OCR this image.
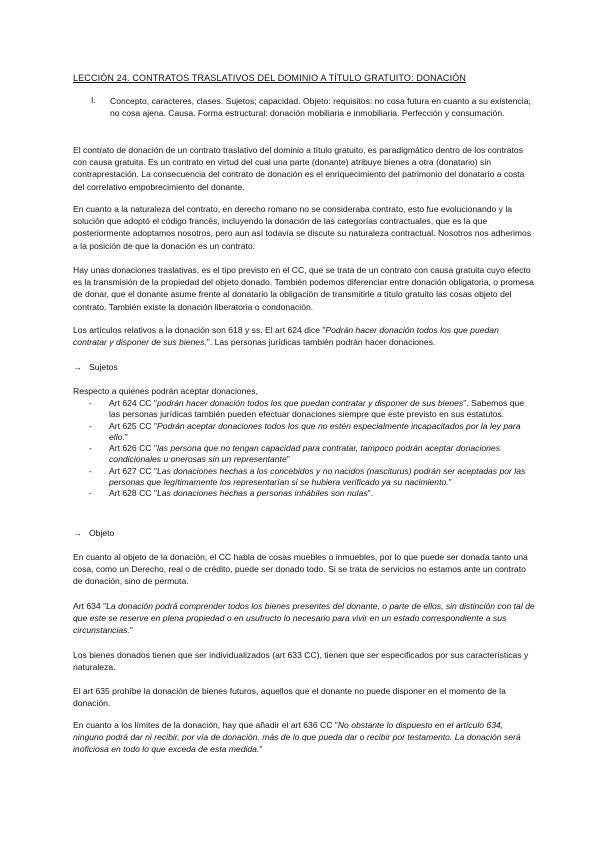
LECCIÓN 24. CONTRATOS TRASLATIVOS DEL DOMINIO A TÍTULO GRATUITO: DONACIÓN

I. Concepto, caracteres, clases. Sujetos; capacidad. Objeto: requisitos: no cosa futura en cuanto a su existencia; no cosa ajena. Causa. Forma estructural: donación mobiliaria e inmobiliaria. Perfección y consumación.

El contrato de donación de un contrato traslativo del dominio a título gratuito, es paradigmático dentro de los contratos con causa gratuita. Es un contrato en virtud del cual una parte (donante) atribuye bienes a otra (donatario) sin contraprestación. La consecuencia del contrato de donación es el enriquecimiento del patrimonio del donatario a costa del correlativo empobrecimiento del donante.

En cuanto a la naturaleza del contrato, en derecho romano no se consideraba contrato, esto fue evolucionando y la solución que adoptó el código francés, incluyendo la donación de las categorías contractuales, que es la que posteriormente adoptamos nosotros, pero aun así todavía se discute su naturaleza contractual. Nosotros nos adherimos a la posición de que la donación es un contrato.

Hay unas donaciones traslativas, es el tipo previsto en el CC, que se trata de un contrato con causa gratuita cuyo efecto es la transmisión de la propiedad del objeto donado. También podemos diferenciar entre donación obligatoria, o promesa de donar, que el donante asume frente al donatario la obligación de transmitirle a título gratuito las cosas objeto del contrato. También existe la donación liberatoria o condonación.

Los artículos relativos a la donación son 618 y ss. El art 624 dice "Podrán hacer donación todos los que puedan contratar y disponer de sus bienes.". Las personas jurídicas también podrán hacer donaciones.

→ Sujetos

Respecto a quienes podrán aceptar donaciones,

- Art 624 CC "podrán hacer donación todos los que puedan contratar y disponer de sus bienes". Sabemos que las personas jurídicas también pueden efectuar donaciones siempre que este previsto en sus estatutos.
- Art 625 CC "Podrán aceptar donaciones todos los que no estén especialmente incapacitados por la ley para ello."
- Art 626 CC "las persona que no tengan capacidad para contratar, tampoco podrán aceptar donaciones condicionales u onerosas sin un representante"
- Art 627 CC "Las donaciones hechas a los concebidos y no nacidos (nasciturus) podrán ser aceptadas por las personas que legítimamente los representarían si se hubiera verificado ya su nacimiento."
- Art 628 CC "Las donaciones hechas a personas inhábiles son nulas".
→ Objeto

En cuanto al objeto de la donación, el CC habla de cosas muebles o inmuebles, por lo que puede ser donada tanto una cosa, como un Derecho, real o de crédito, puede ser donado todo. Si se trata de servicios no estamos ante un contrato de donación, sino de permuta.

Art 634 "La donación podrá comprender todos los bienes presentes del donante, o parte de ellos, sin distinción con tal de que este se reserve en plena propiedad o en usufructo lo necesario para vivir en un estado correspondiente a sus circunstancias."

Los bienes donados tienen que ser individualizados (art 633 CC), tienen que ser especificados por sus características y naturaleza.

El art 635 prohíbe la donación de bienes futuros, aquellos que el donante no puede disponer en el momento de la donación.

En cuanto a los límites de la donación, hay que añadir el art 636 CC "No obstante lo dispuesto en el artículo 634, ninguno podrá dar ni recibir, por vía de donación, más de lo que pueda dar o recibir por testamento. La donación será inoficiosa en todo lo que exceda de esta medida."
